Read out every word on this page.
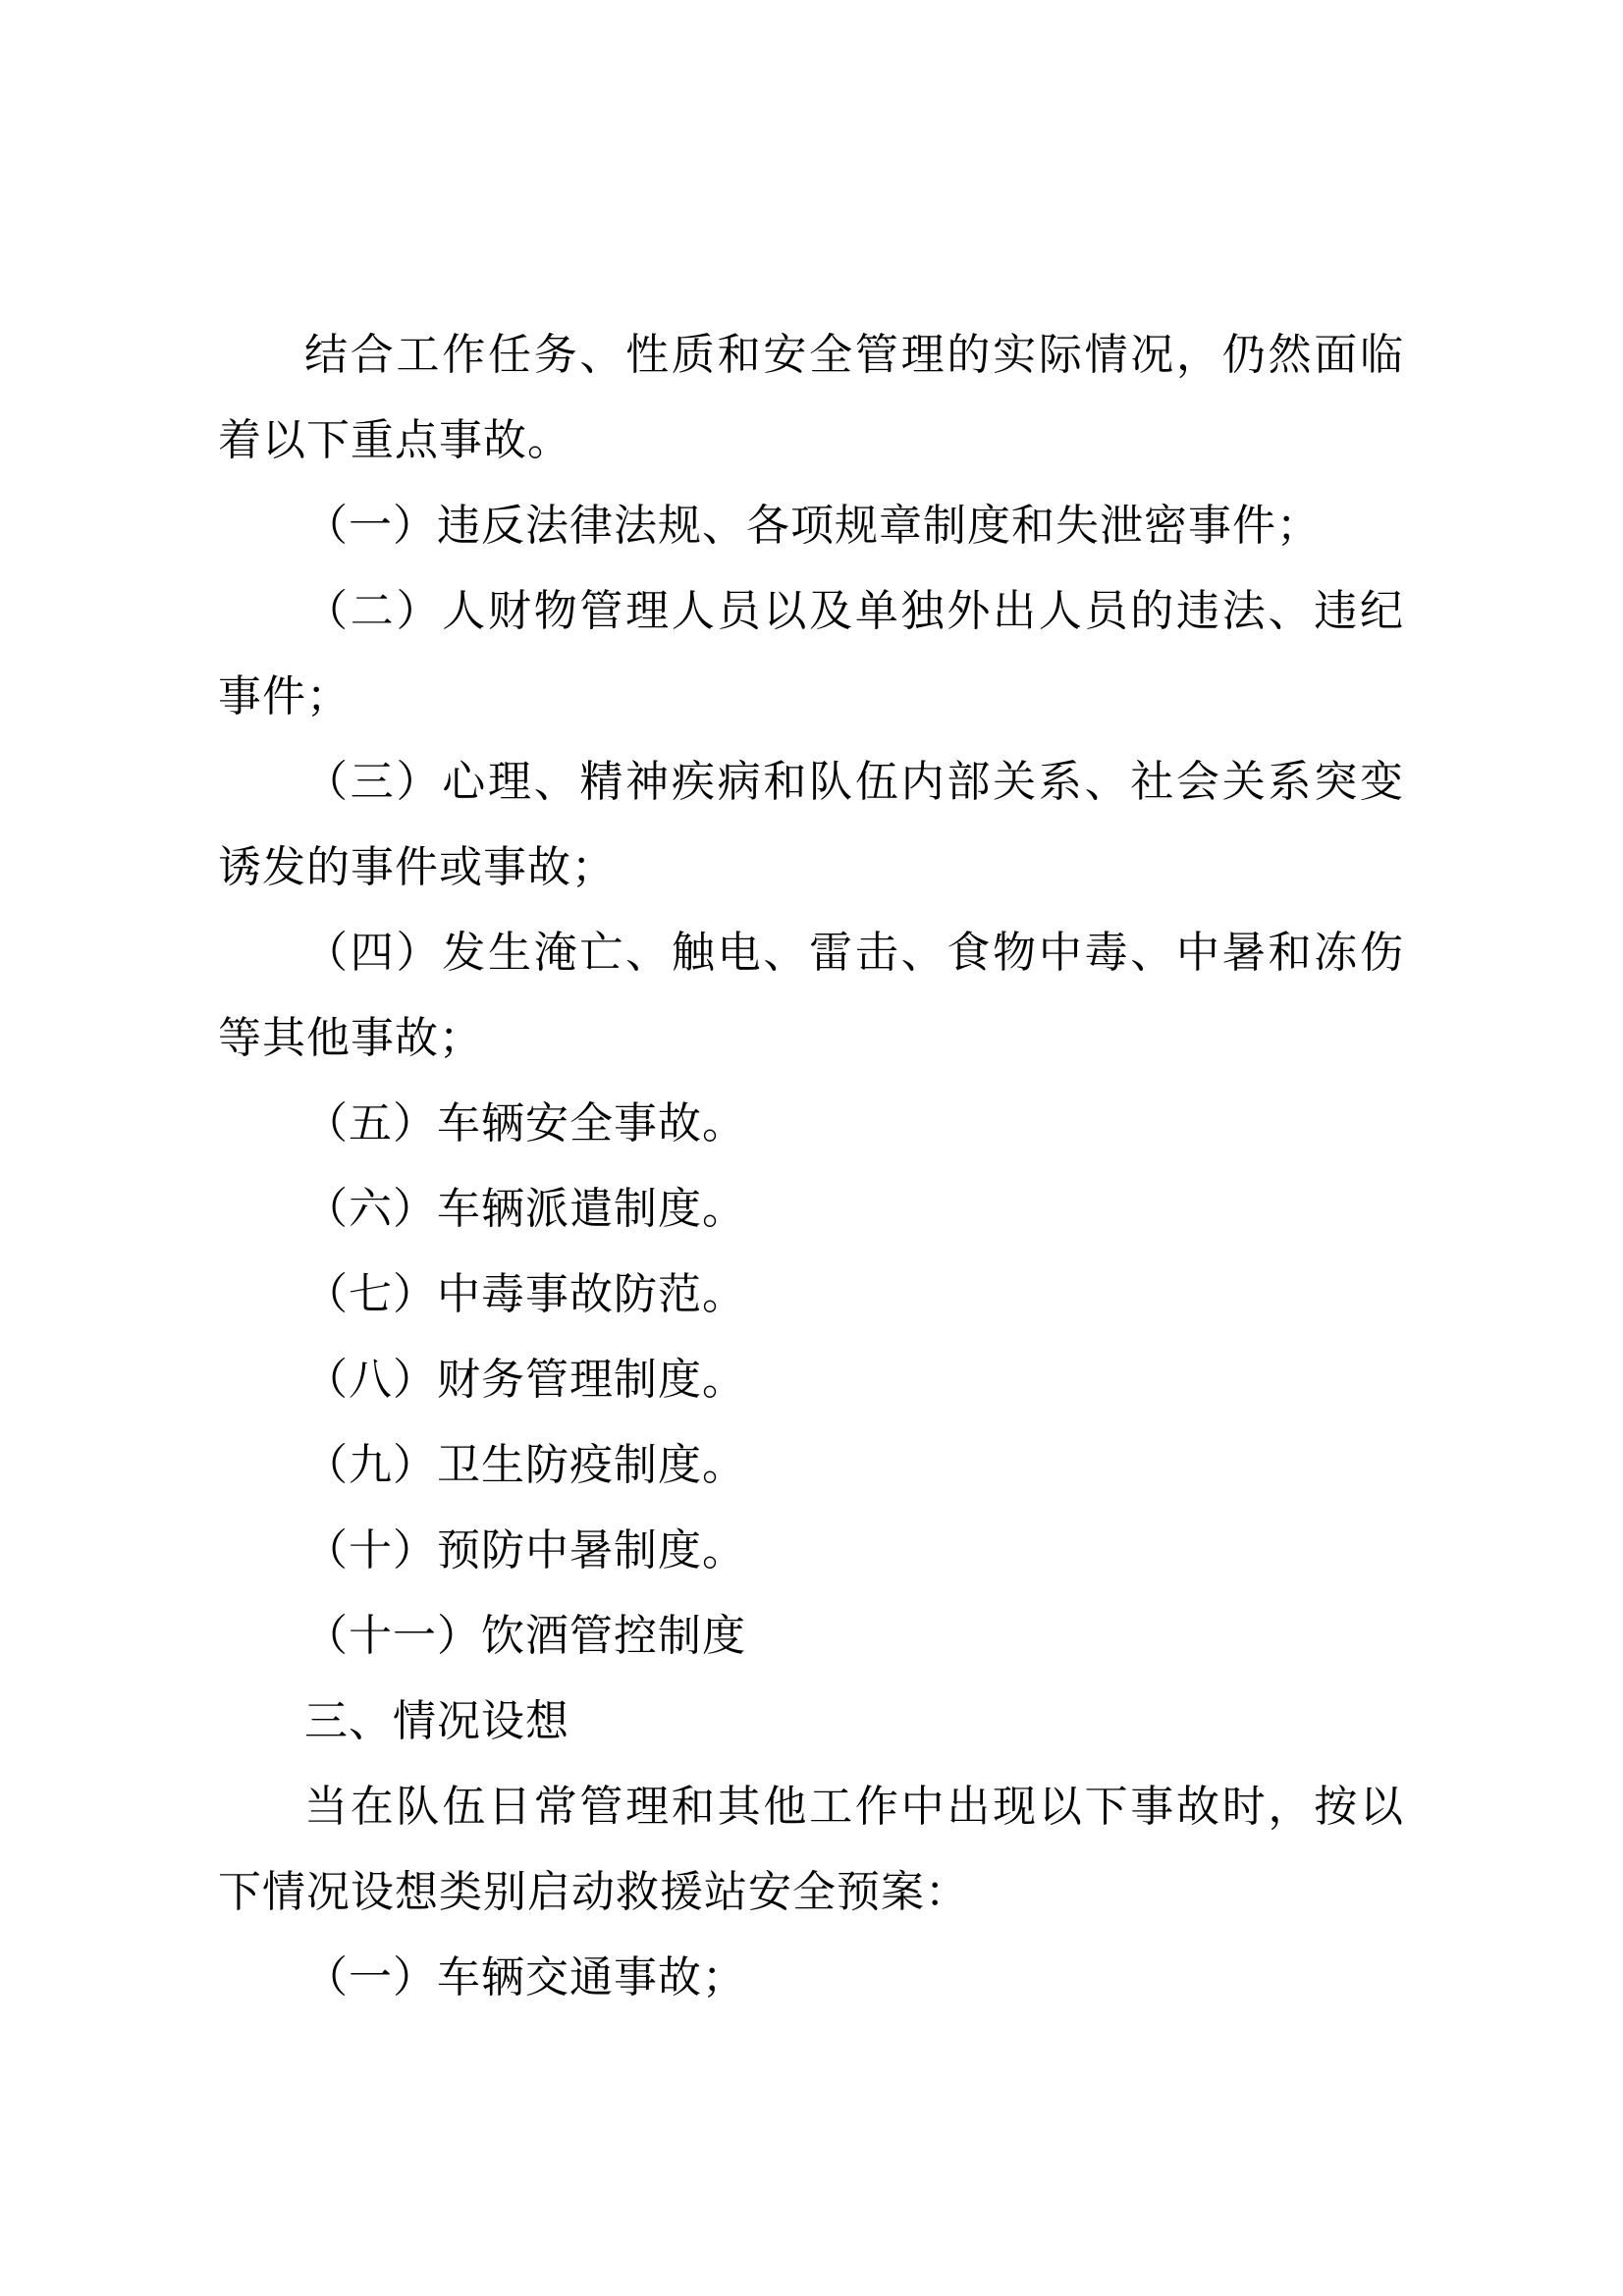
结合工作任务、性质和安全管理的实际情况，仍然面临着以下重点事故。

（一）违反法律法规、各项规章制度和失泄密事件；

（二）人财物管理人员以及单独外出人员的违法、违纪事件；

（三）心理、精神疾病和队伍内部关系、社会关系突变诱发的事件或事故；

（四）发生淹亡、触电、雷击、食物中毒、中暑和冻伤等其他事故；

（五）车辆安全事故。

（六）车辆派遣制度。

（七）中毒事故防范。

（八）财务管理制度。

（九）卫生防疫制度。

（十）预防中暑制度。

（十一）饮酒管控制度

三、情况设想

当在队伍日常管理和其他工作中出现以下事故时，按以下情况设想类别启动救援站安全预案：

（一）车辆交通事故；
